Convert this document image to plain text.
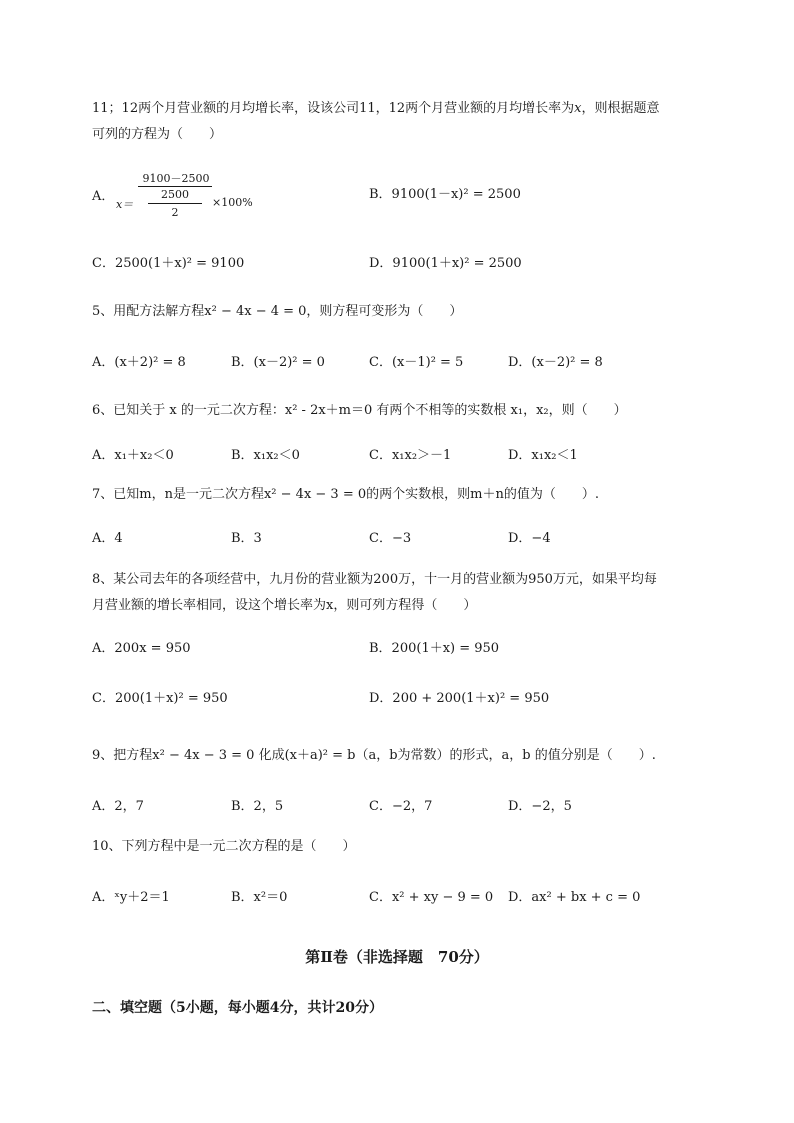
11；12两个月营业额的月均增长率，设该公司11，12两个月营业额的月均增长率为x，则根据题意
可列的方程为（　　）
A．
9100－2500
2500
2
x＝	×100%
B．9100(1－x)² = 2500
C．2500(1＋x)² = 9100	D．9100(1＋x)² = 2500
5、用配方法解方程x² − 4x − 4 = 0，则方程可变形为（　　）
A．(x＋2)² = 8	B．(x－2)² = 0	C．(x－1)² = 5	D．(x－2)² = 8
6、已知关于 x 的一元二次方程：x² - 2x＋m＝0 有两个不相等的实数根 x₁，x₂，则（　　）
A．x₁＋x₂＜0	B．x₁x₂＜0	C．x₁x₂＞－1	D．x₁x₂＜1
7、已知m，n是一元二次方程x² − 4x − 3 = 0的两个实数根，则m＋n的值为（　　）.
A．4	B．3	C．−3	D．−4
8、某公司去年的各项经营中，九月份的营业额为200万，十一月的营业额为950万元，如果平均每
月营业额的增长率相同，设这个增长率为x，则可列方程得（　　）
A．200x = 950	B．200(1＋x) = 950
C．200(1＋x)² = 950	D．200 + 200(1＋x)² = 950
9、把方程x² − 4x − 3 = 0 化成(x＋a)² = b（a，b为常数）的形式，a，b 的值分别是（　　）.
A．2，7	B．2，5	C．−2，7	D．−2，5
10、下列方程中是一元二次方程的是（　　）
A．ˣy＋2＝1	B．x²＝0	C．x² + xy − 9 = 0 D．ax² + bx + c = 0
第Ⅱ卷（非选择题　70分）
二、填空题（5小题，每小题4分，共计20分）
